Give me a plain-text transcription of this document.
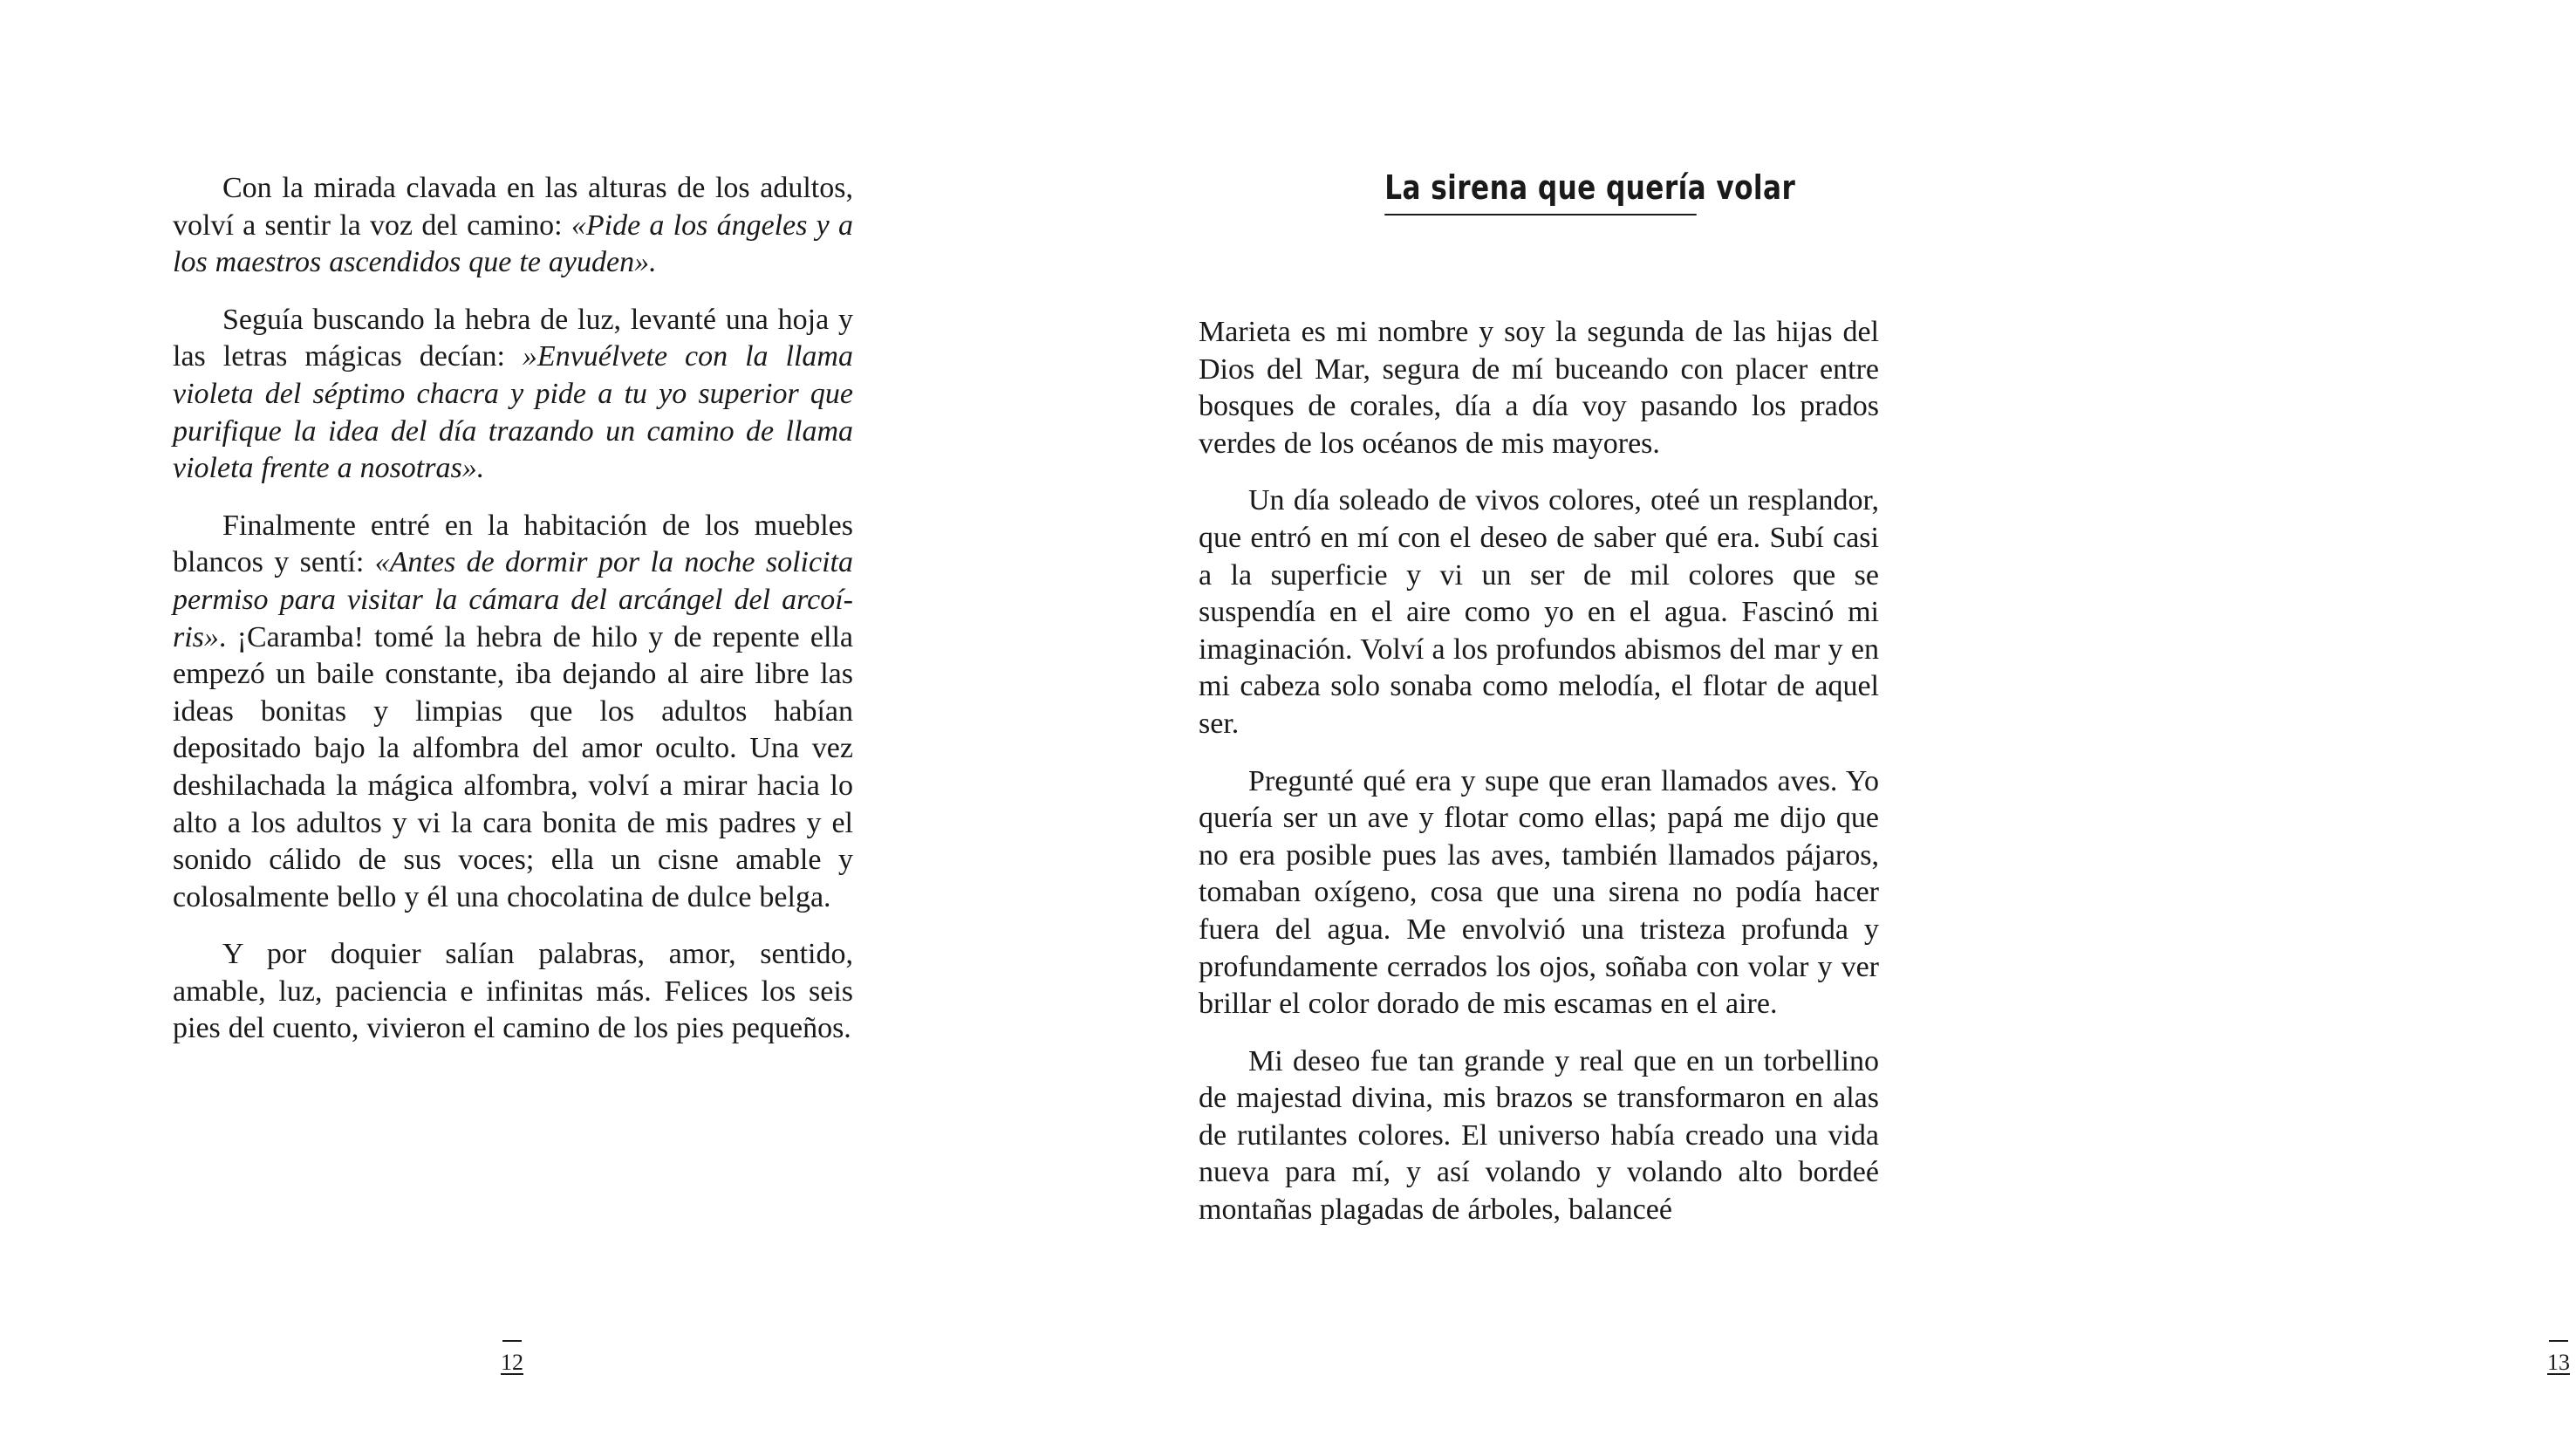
Con la mirada clavada en las alturas de los adultos, volví a sentir la voz del camino: «Pide a los ángeles y a los maestros ascendidos que te ayuden».

Seguía buscando la hebra de luz, levanté una hoja y las letras mágicas decían: »Envuélvete con la llama violeta del séptimo chacra y pide a tu yo superior que purifique la idea del día trazando un camino de llama violeta frente a nosotras».

Finalmente entré en la habitación de los muebles blancos y sentí: «Antes de dormir por la noche solicita permiso para visitar la cámara del arcángel del arcoíris». ¡Caramba! tomé la hebra de hilo y de repente ella empezó un baile constante, iba dejando al aire libre las ideas bonitas y limpias que los adultos habían depositado bajo la alfombra del amor oculto. Una vez deshilachada la mágica alfombra, volví a mirar hacia lo alto a los adultos y vi la cara bonita de mis padres y el sonido cálido de sus voces; ella un cisne amable y colosalmente bello y él una chocolatina de dulce belga.

Y por doquier salían palabras, amor, sentido, amable, luz, paciencia e infinitas más. Felices los seis pies del cuento, vivieron el camino de los pies pequeños.

12
La sirena que quería volar

Marieta es mi nombre y soy la segunda de las hijas del Dios del Mar, segura de mí buceando con placer entre bosques de corales, día a día voy pasando los prados verdes de los océanos de mis mayores.

Un día soleado de vivos colores, oteé un resplandor, que entró en mí con el deseo de saber qué era. Subí casi a la superficie y vi un ser de mil colores que se suspendía en el aire como yo en el agua. Fascinó mi imaginación. Volví a los profundos abismos del mar y en mi cabeza solo sonaba como melodía, el flotar de aquel ser.

Pregunté qué era y supe que eran llamados aves. Yo quería ser un ave y flotar como ellas; papá me dijo que no era posible pues las aves, también llamados pájaros, tomaban oxígeno, cosa que una sirena no podía hacer fuera del agua. Me envolvió una tristeza profunda y profundamente cerrados los ojos, soñaba con volar y ver brillar el color dorado de mis escamas en el aire.

Mi deseo fue tan grande y real que en un torbellino de majestad divina, mis brazos se transformaron en alas de rutilantes colores. El universo había creado una vida nueva para mí, y así volando y volando alto bordeé montañas plagadas de árboles, balanceé

13
